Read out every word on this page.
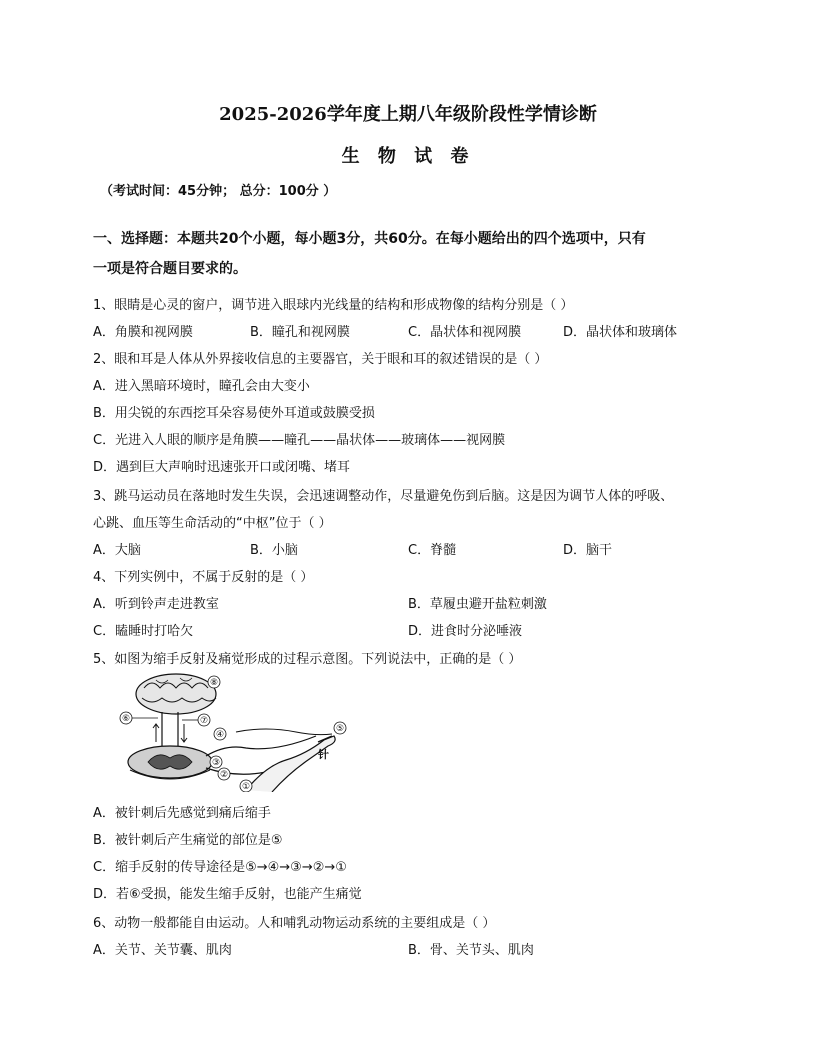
2025-2026学年度上期八年级阶段性学情诊断
生 物 试 卷
（考试时间：45分钟； 总分：100分 ）
一、选择题：本题共20个小题，每小题3分，共60分。在每小题给出的四个选项中，只有
一项是符合题目要求的。
1、眼睛是心灵的窗户，调节进入眼球内光线量的结构和形成物像的结构分别是（ ）
A．角膜和视网膜	B．瞳孔和视网膜	C．晶状体和视网膜	D．晶状体和玻璃体
2、眼和耳是人体从外界接收信息的主要器官，关于眼和耳的叙述错误的是（ ）
A．进入黑暗环境时，瞳孔会由大变小
B．用尖锐的东西挖耳朵容易使外耳道或鼓膜受损
C．光进入人眼的顺序是角膜——瞳孔——晶状体——玻璃体——视网膜
D．遇到巨大声响时迅速张开口或闭嘴、堵耳
3、跳马运动员在落地时发生失误，会迅速调整动作，尽量避免伤到后脑。这是因为调节人体的呼吸、
心跳、血压等生命活动的“中枢”位于（ ）
A．大脑	B．小脑	C．脊髓	D．脑干
4、下列实例中，不属于反射的是（ ）
A．听到铃声走进教室	B．草履虫避开盐粒刺激
C．瞌睡时打哈欠	D．进食时分泌唾液
5、如图为缩手反射及痛觉形成的过程示意图。下列说法中，正确的是（ ）
⑧
⑥	⑦
④
③
②
①
⑤
针
A．被针刺后先感觉到痛后缩手
B．被针刺后产生痛觉的部位是⑤
C．缩手反射的传导途径是⑤→④→③→②→①
D．若⑥受损，能发生缩手反射，也能产生痛觉
6、动物一般都能自由运动。人和哺乳动物运动系统的主要组成是（ ）
A．关节、关节囊、肌肉	B．骨、关节头、肌肉
